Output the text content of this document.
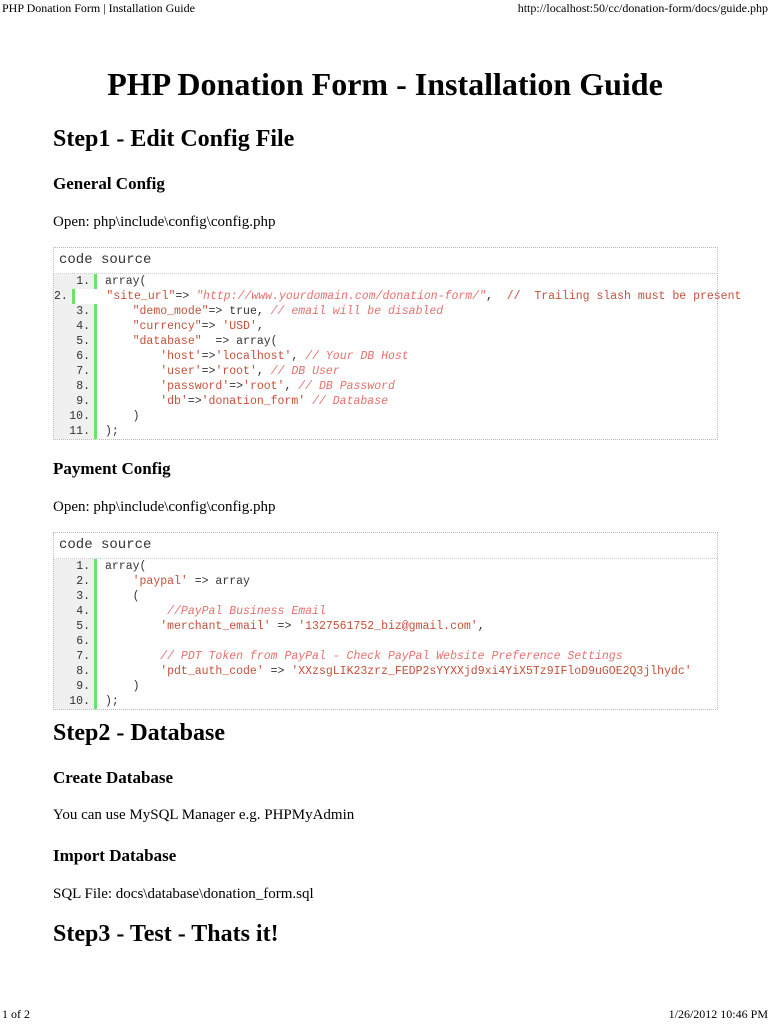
PHP Donation Form | Installation Guide	http://localhost:50/cc/donation-form/docs/guide.php
PHP Donation Form - Installation Guide
Step1 - Edit Config File
General Config
Open: php\include\config\config.php
code source
1.	array(
2.	"site_url"=> "http://www.yourdomain.com/donation-form/",  //  Trailing slash must be present
3.	"demo_mode"=> true, // email will be disabled
4.	"currency"=> 'USD',
5.	"database"  => array(
6.	'host'=>'localhost', // Your DB Host
7.	'user'=>'root', // DB User
8.	'password'=>'root', // DB Password
9.	'db'=>'donation_form' // Database
10.	)
11.	);
Payment Config
Open: php\include\config\config.php
code source
1.	array(
2.	'paypal' => array
3.	(
4.	//PayPal Business Email
5.	'merchant_email' => '1327561752_biz@gmail.com',
6.
7.	// PDT Token from PayPal - Check PayPal Website Preference Settings
8.	'pdt_auth_code' => 'XXzsgLIK23zrz_FEDP2sYYXXjd9xi4YiX5Tz9IFloD9uGOE2Q3jlhydc'
9.	)
10.	);
Step2 - Database
Create Database
You can use MySQL Manager e.g. PHPMyAdmin
Import Database
SQL File: docs\database\donation_form.sql
Step3 - Test - Thats it!
1 of 2	1/26/2012 10:46 PM
